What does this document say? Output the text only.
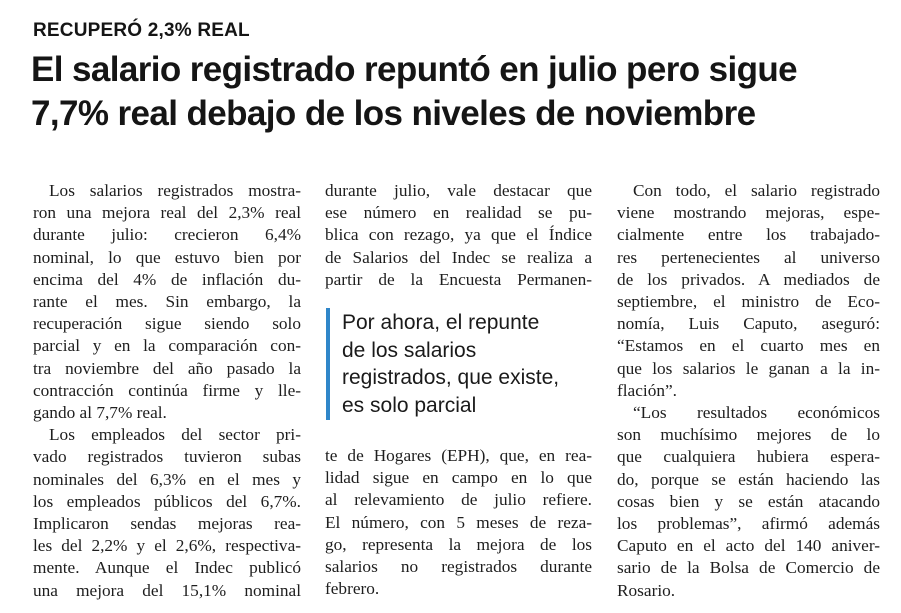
RECUPERÓ 2,3% REAL
El salario registrado repuntó en julio pero sigue
7,7% real debajo de los niveles de noviembre
Los salarios registrados mostra-
ron una mejora real del 2,3% real
durante julio: crecieron 6,4%
nominal, lo que estuvo bien por
encima del 4% de inflación du-
rante el mes. Sin embargo, la
recuperación sigue siendo solo
parcial y en la comparación con-
tra noviembre del año pasado la
contracción continúa firme y lle-
gando al 7,7% real.
Los empleados del sector pri-
vado registrados tuvieron subas
nominales del 6,3% en el mes y
los empleados públicos del 6,7%.
Implicaron sendas mejoras rea-
les del 2,2% y el 2,6%, respectiva-
mente. Aunque el Indec publicó
una mejora del 15,1% nominal
durante julio, vale destacar que
ese número en realidad se pu-
blica con rezago, ya que el Índice
de Salarios del Indec se realiza a
partir de la Encuesta Permanen-
Por ahora, el repunte
de los salarios
registrados, que existe,
es solo parcial
te de Hogares (EPH), que, en rea-
lidad sigue en campo en lo que
al relevamiento de julio refiere.
El número, con 5 meses de reza-
go, representa la mejora de los
salarios no registrados durante
febrero.
Con todo, el salario registrado
viene mostrando mejoras, espe-
cialmente entre los trabajado-
res pertenecientes al universo
de los privados. A mediados de
septiembre, el ministro de Eco-
nomía, Luis Caputo, aseguró:
“Estamos en el cuarto mes en
que los salarios le ganan a la in-
flación”.
“Los resultados económicos
son muchísimo mejores de lo
que cualquiera hubiera espera-
do, porque se están haciendo las
cosas bien y se están atacando
los problemas”, afirmó además
Caputo en el acto del 140 aniver-
sario de la Bolsa de Comercio de
Rosario.
